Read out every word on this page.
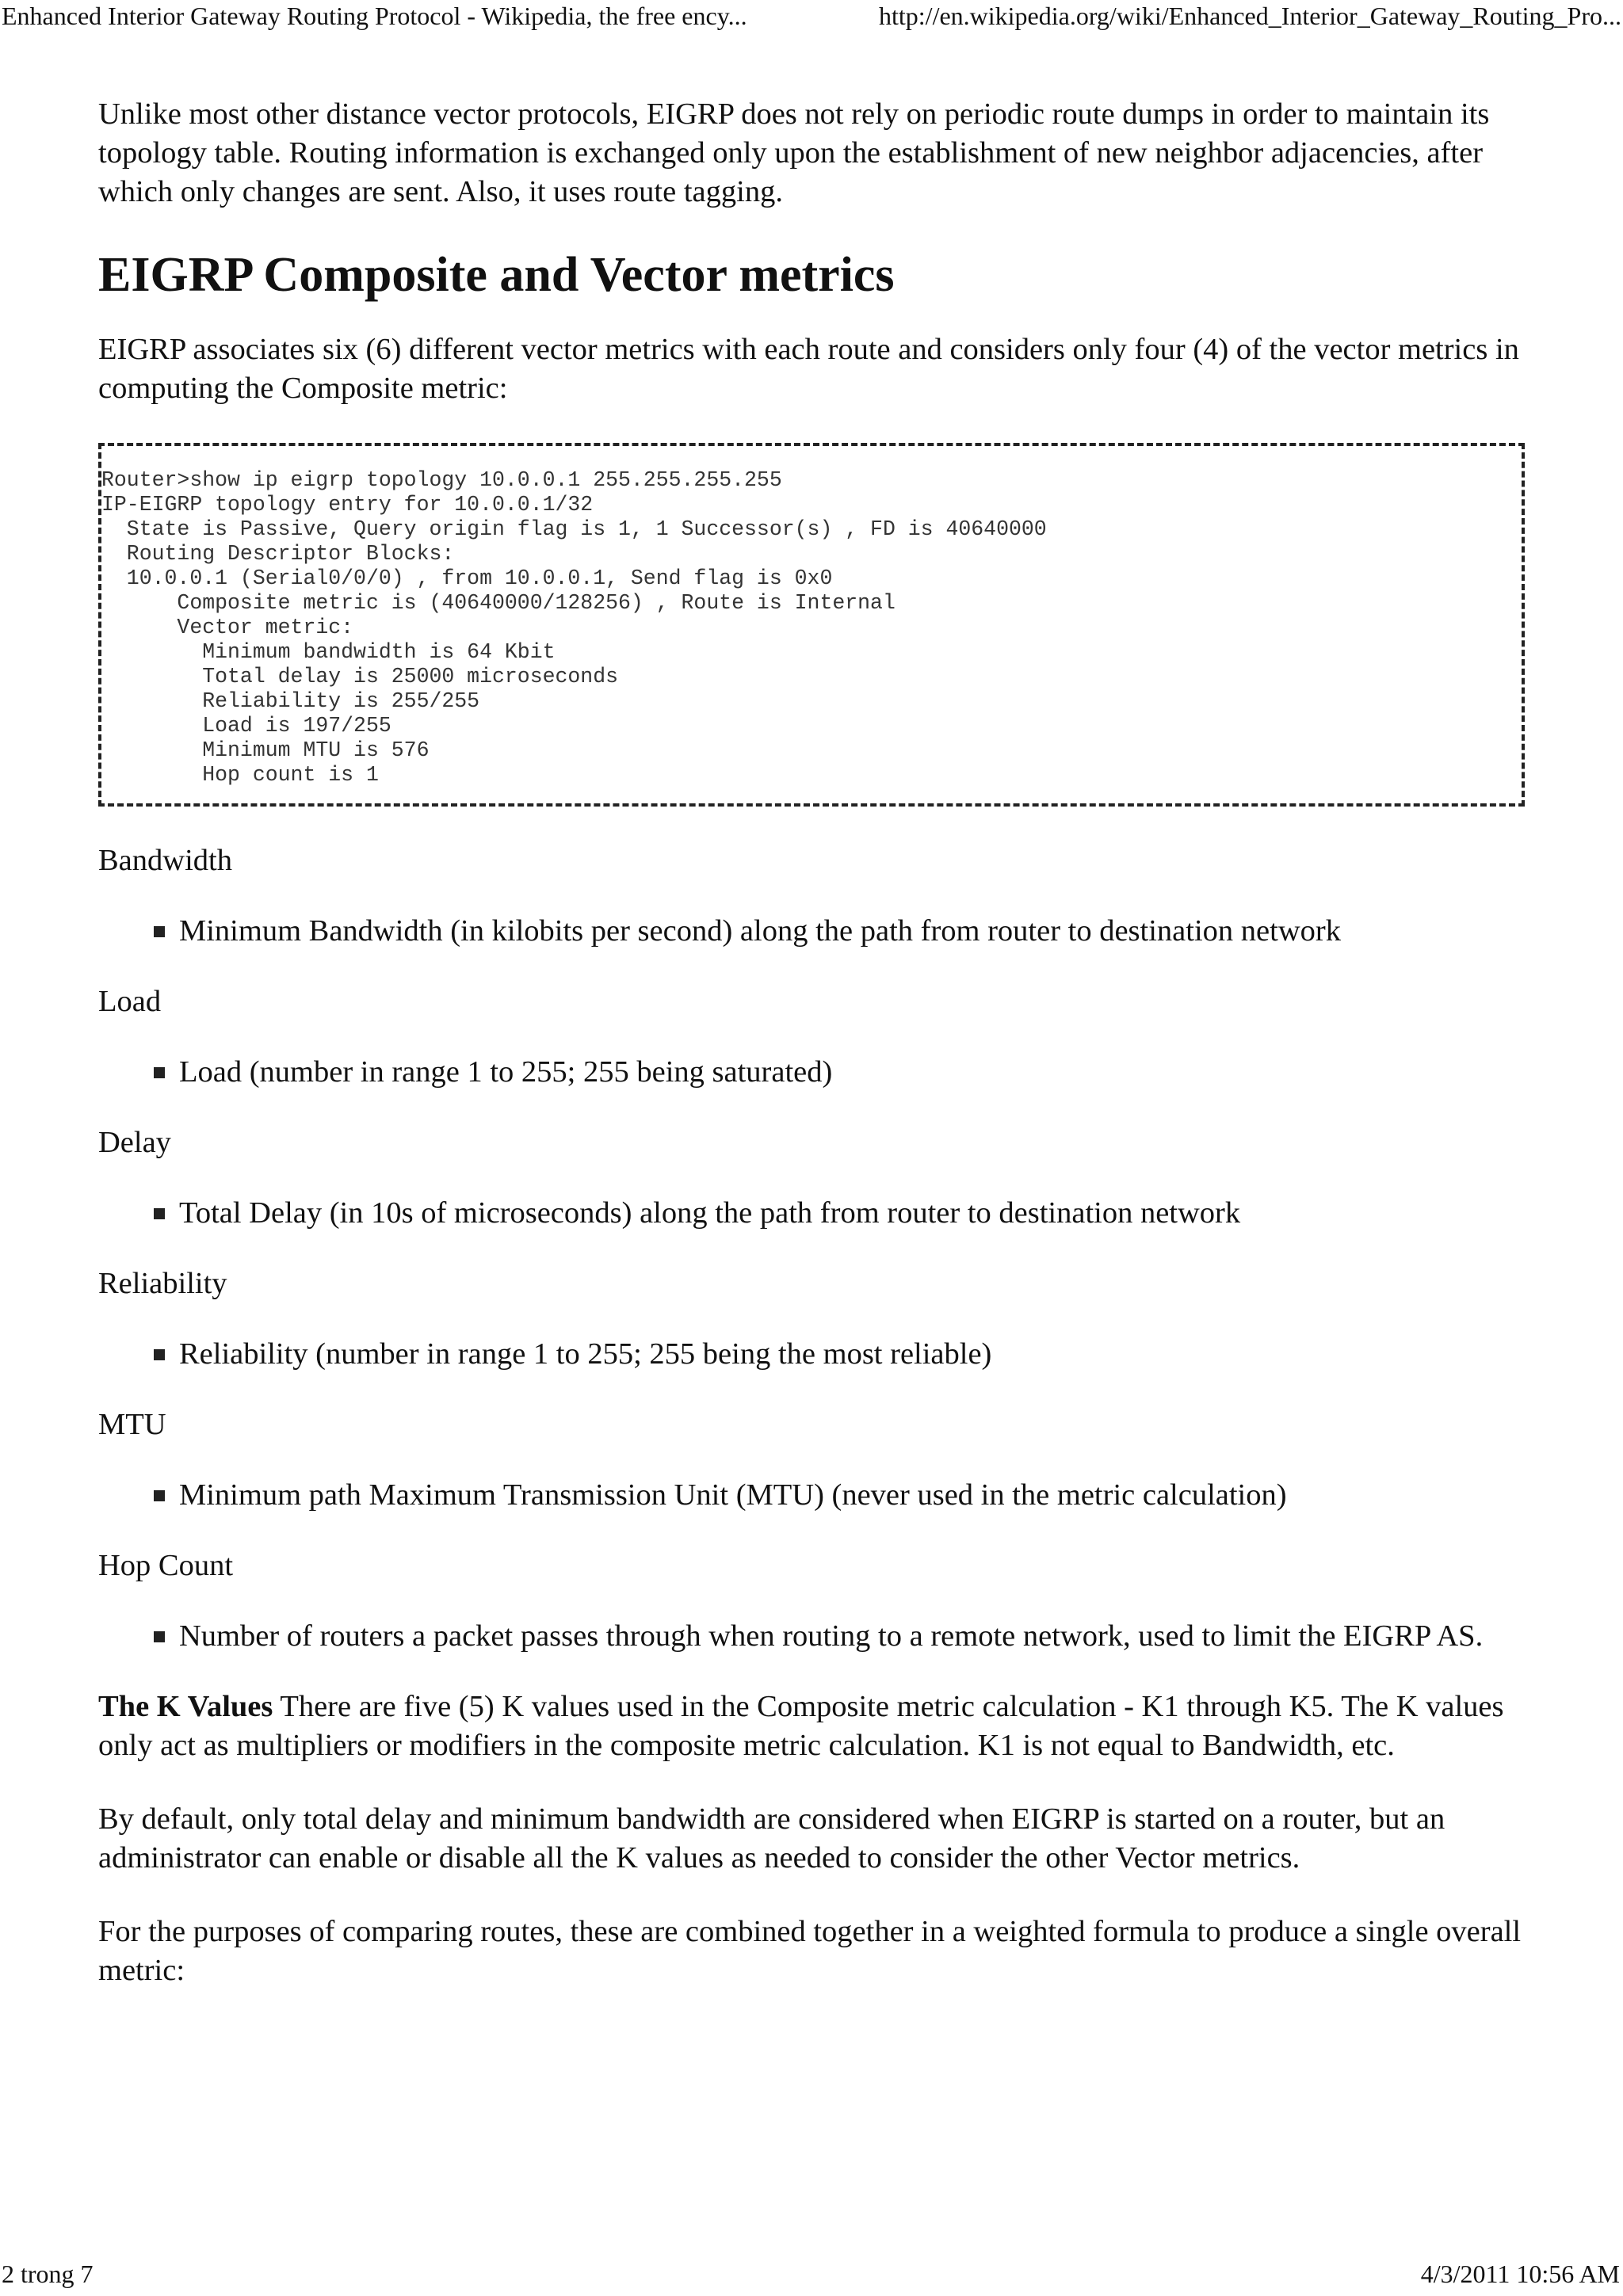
Enhanced Interior Gateway Routing Protocol - Wikipedia, the free ency...	http://en.wikipedia.org/wiki/Enhanced_Interior_Gateway_Routing_Pro...

Unlike most other distance vector protocols, EIGRP does not rely on periodic route dumps in order to maintain its topology table. Routing information is exchanged only upon the establishment of new neighbor adjacencies, after which only changes are sent. Also, it uses route tagging.

EIGRP Composite and Vector metrics

EIGRP associates six (6) different vector metrics with each route and considers only four (4) of the vector metrics in computing the Composite metric:

Router>show ip eigrp topology 10.0.0.1 255.255.255.255
IP-EIGRP topology entry for 10.0.0.1/32
State is Passive, Query origin flag is 1, 1 Successor(s) , FD is 40640000
Routing Descriptor Blocks:
10.0.0.1 (Serial0/0/0) , from 10.0.0.1, Send flag is 0x0
Composite metric is (40640000/128256) , Route is Internal
Vector metric:
Minimum bandwidth is 64 Kbit
Total delay is 25000 microseconds
Reliability is 255/255
Load is 197/255
Minimum MTU is 576
Hop count is 1
Bandwidth
Minimum Bandwidth (in kilobits per second) along the path from router to destination network
Load
Load (number in range 1 to 255; 255 being saturated)
Delay
Total Delay (in 10s of microseconds) along the path from router to destination network
Reliability
Reliability (number in range 1 to 255; 255 being the most reliable)
MTU
Minimum path Maximum Transmission Unit (MTU) (never used in the metric calculation)
Hop Count
Number of routers a packet passes through when routing to a remote network, used to limit the EIGRP AS.

The K Values There are five (5) K values used in the Composite metric calculation - K1 through K5. The K values only act as multipliers or modifiers in the composite metric calculation. K1 is not equal to Bandwidth, etc.

By default, only total delay and minimum bandwidth are considered when EIGRP is started on a router, but an administrator can enable or disable all the K values as needed to consider the other Vector metrics.

For the purposes of comparing routes, these are combined together in a weighted formula to produce a single overall metric:

2 trong 7	4/3/2011 10:56 AM
